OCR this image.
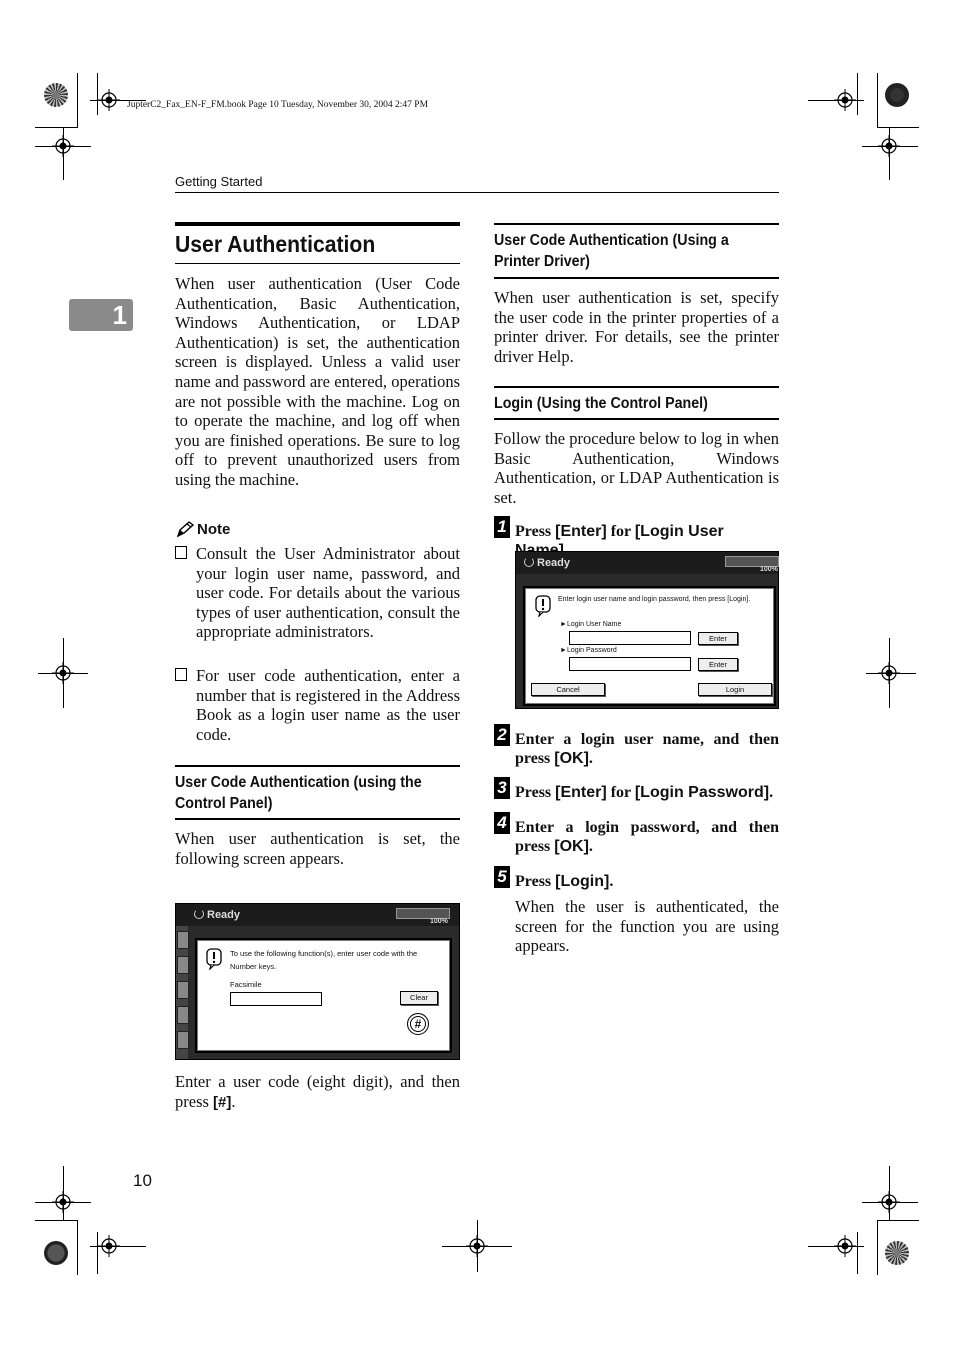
JupterC2_Fax_EN-F_FM.book Page 10 Tuesday, November 30, 2004 2:47 PM
Getting Started
1
User Authentication
When user authentication (User Code Authentication, Basic Authentication, Windows Authentication, or LDAP Authentication) is set, the authentication screen is displayed. Unless a valid user name and password are entered, operations are not possible with the machine. Log on to operate the machine, and log off when you are finished operations. Be sure to log off to prevent unauthorized users from using the machine.
Note
Consult the User Administrator about your login user name, password, and user code. For details about the various types of user authentication, consult the appropriate administrators.
For user code authentication, enter a number that is registered in the Address Book as a login user name as the user code.
User Code Authentication (using the Control Panel)
When user authentication is set, the following screen appears.
Ready
100%
To use the following function(s), enter user code with the
Number keys.
Facsimile
Clear
#
Enter a user code (eight digit), and then press [#].
10
User Code Authentication (Using a Printer Driver)
When user authentication is set, specify the user code in the printer properties of a printer driver. For details, see the printer driver Help.
Login (Using the Control Panel)
Follow the procedure below to log in when Basic Authentication, Windows Authentication, or LDAP Authentication is set.
1 Press [Enter] for [Login User
Ready
100%
Enter login user name and login password, then press [Login].
►Login User Name
Enter
►Login Password
Enter
Cancel	Login
2 Enter a login user name, and then press [OK].
3 Press [Enter] for [Login Password].
4 Enter a login password, and then press [OK].
5 Press [Login].
When the user is authenticated, the screen for the function you are using appears.
